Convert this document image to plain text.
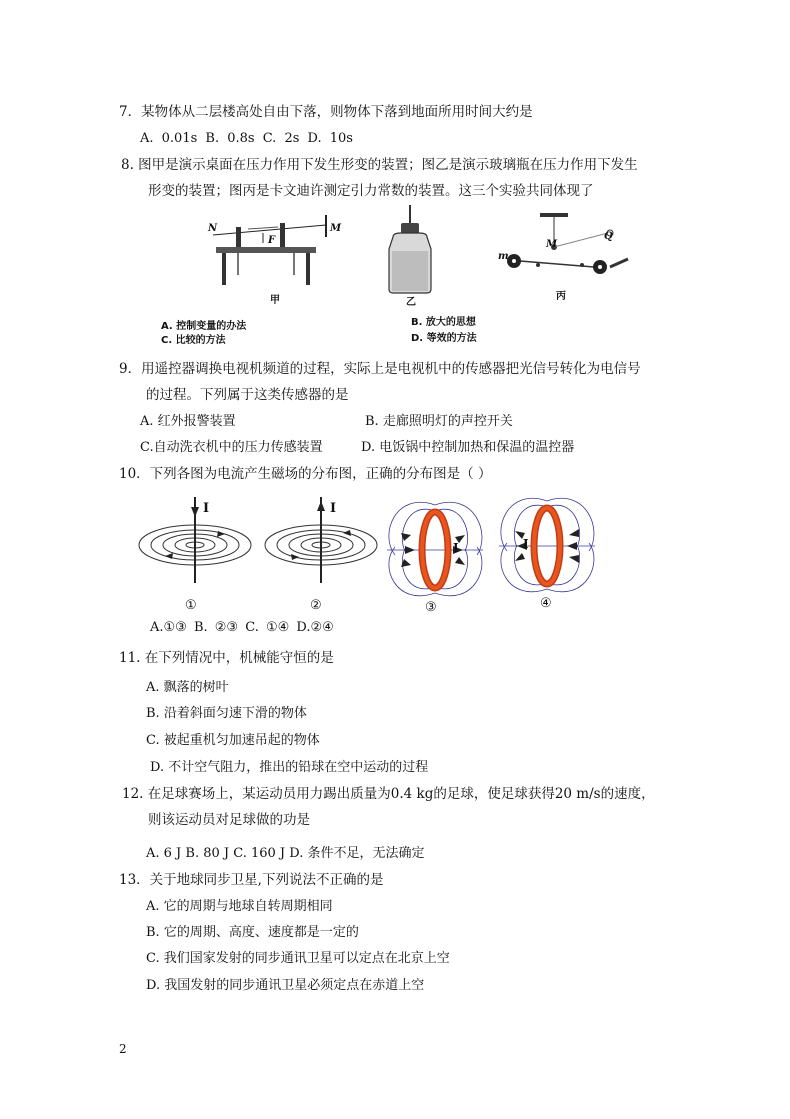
7．某物体从二层楼高处自由下落，则物体下落到地面所用时间大约是
A. 0.01s B. 0.8s C. 2s D. 10s
8. 图甲是演示桌面在压力作用下发生形变的装置；图乙是演示玻璃瓶在压力作用下发生
形变的装置；图丙是卡文迪许测定引力常数的装置。这三个实验共同体现了
N	M
F
甲	乙
M
Q
m
丙
A. 控制变量的办法	B. 放大的思想
C. 比较的方法	D. 等效的方法
9．用遥控器调换电视机频道的过程，实际上是电视机中的传感器把光信号转化为电信号
的过程。下列属于这类传感器的是
A. 红外报警装置	B. 走廊照明灯的声控开关
C.自动洗衣机中的压力传感装置	D. 电饭锅中控制加热和保温的温控器
10．下列各图为电流产生磁场的分布图，正确的分布图是（ ）
I	I
I	I
①	②	③	④
A.①③ B. ②③ C. ①④ D.②④
11. 在下列情况中，机械能守恒的是
A. 飘落的树叶
B. 沿着斜面匀速下滑的物体
C. 被起重机匀加速吊起的物体
D. 不计空气阻力，推出的铅球在空中运动的过程
12. 在足球赛场上，某运动员用力踢出质量为0.4 kg的足球，使足球获得20 m/s的速度，
则该运动员对足球做的功是
A. 6 J B. 80 J C. 160 J D. 条件不足，无法确定
13．关于地球同步卫星,下列说法不正确的是
A. 它的周期与地球自转周期相同
B. 它的周期、高度、速度都是一定的
C. 我们国家发射的同步通讯卫星可以定点在北京上空
D. 我国发射的同步通讯卫星必须定点在赤道上空
2
